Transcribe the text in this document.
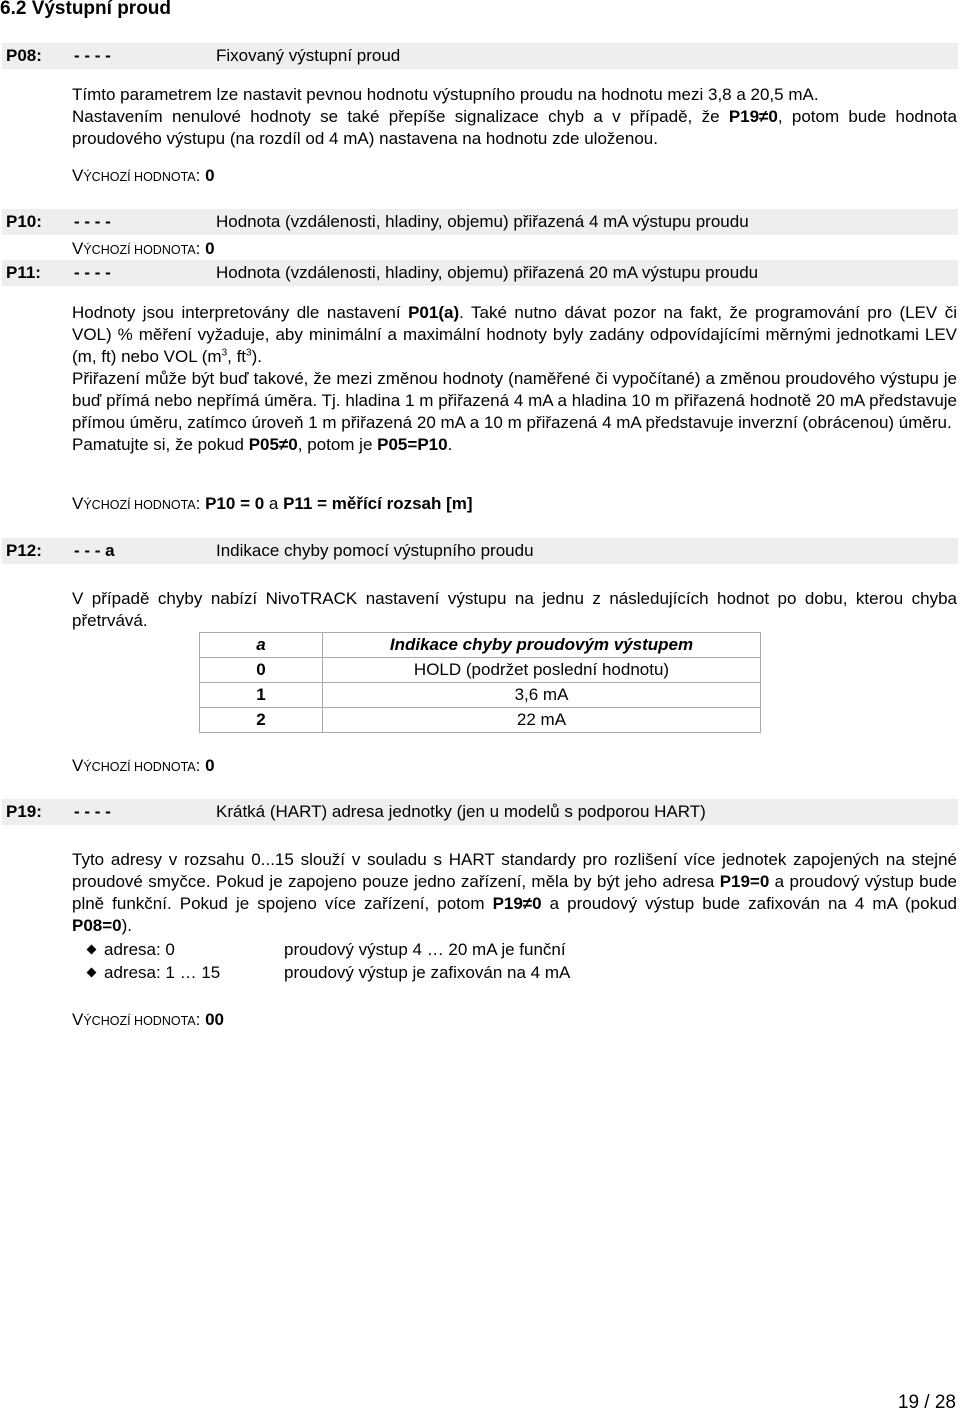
6.2 Výstupní proud
P08: - - - -	Fixovaný výstupní proud
Tímto parametrem lze nastavit pevnou hodnotu výstupního proudu na hodnotu mezi 3,8 a 20,5 mA.
Nastavením nenulové hodnoty se také přepíše signalizace chyb a v případě, že P19≠0, potom bude hodnota proudového výstupu (na rozdíl od 4 mA) nastavena na hodnotu zde uloženou.
VÝCHOZÍ HODNOTA: 0
P10: - - - -	Hodnota (vzdálenosti, hladiny, objemu) přiřazená 4 mA výstupu proudu
VÝCHOZÍ HODNOTA: 0
P11: - - - -	Hodnota (vzdálenosti, hladiny, objemu) přiřazená 20 mA výstupu proudu
Hodnoty jsou interpretovány dle nastavení P01(a). Také nutno dávat pozor na fakt, že programování pro (LEV či VOL) % měření vyžaduje, aby minimální a maximální hodnoty byly zadány odpovídajícími měrnými jednotkami LEV (m, ft) nebo VOL ($m^3$, $ft^3$).
Přiřazení může být buď takové, že mezi změnou hodnoty (naměřené či vypočítané) a změnou proudového výstupu je buď přímá nebo nepřímá úměra. Tj. hladina 1 m přiřazená 4 mA a hladina 10 m přiřazená hodnotě 20 mA představuje přímou úměru, zatímco úroveň 1 m přiřazená 20 mA a 10 m přiřazená 4 mA představuje inverzní (obrácenou) úměru.
Pamatujte si, že pokud P05≠0, potom je P05=P10.
VÝCHOZÍ HODNOTA: P10 = 0 a P11 = měřící rozsah [m]
P12: - - - a	Indikace chyby pomocí výstupního proudu
V případě chyby nabízí NivoTRACK nastavení výstupu na jednu z následujících hodnot po dobu, kterou chyba přetrvává.
a	Indikace chyby proudovým výstupem
0	HOLD (podržet poslední hodnotu)
1	3,6 mA
2	22 mA
VÝCHOZÍ HODNOTA: 0
P19: - - - -	Krátká (HART) adresa jednotky (jen u modelů s podporou HART)
Tyto adresy v rozsahu 0...15 slouží v souladu s HART standardy pro rozlišení více jednotek zapojených na stejné proudové smyčce. Pokud je zapojeno pouze jedno zařízení, měla by být jeho adresa P19=0 a proudový výstup bude plně funkční. Pokud je spojeno více zařízení, potom P19≠0 a proudový výstup bude zafixován na 4 mA (pokud P08=0).
adresa: 0	proudový výstup 4 … 20 mA je funční
adresa: 1 … 15	proudový výstup je zafixován na 4 mA
VÝCHOZÍ HODNOTA: 00
19 / 28
